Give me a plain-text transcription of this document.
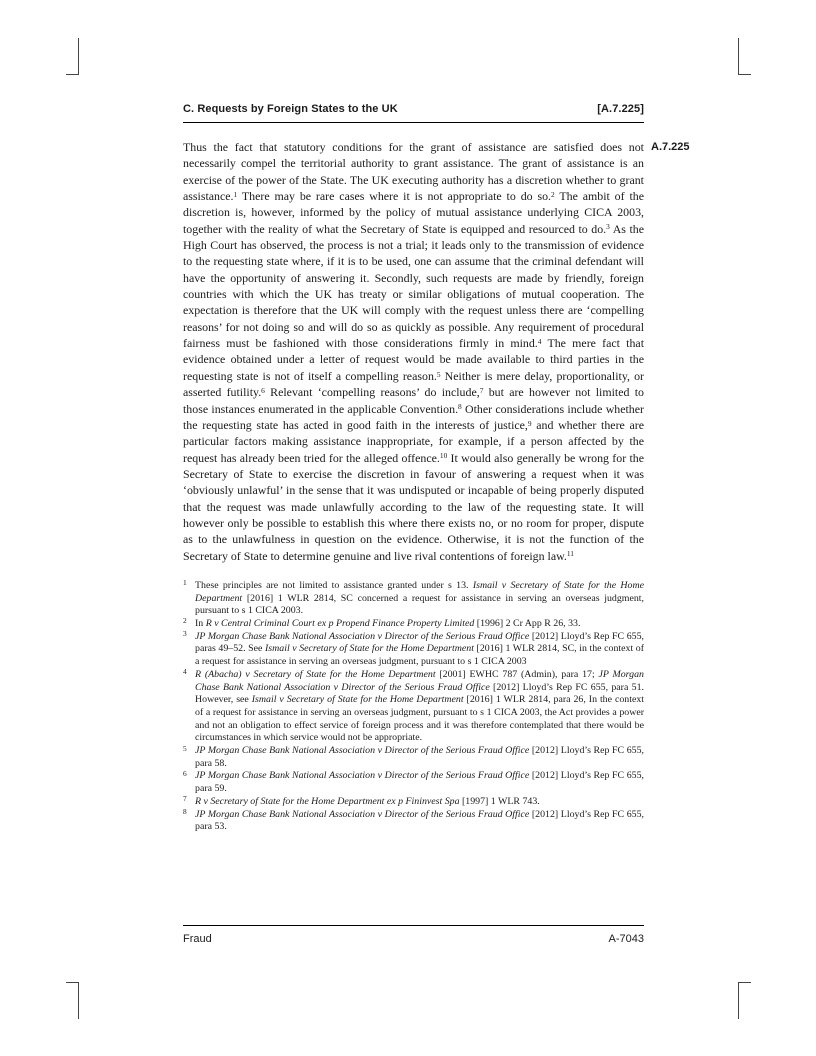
C. Requests by Foreign States to the UK	[A.7.225]
A.7.225

Thus the fact that statutory conditions for the grant of assistance are satisfied does not necessarily compel the territorial authority to grant assistance. The grant of assistance is an exercise of the power of the State. The UK executing authority has a discretion whether to grant assistance.$^1$ There may be rare cases where it is not appropriate to do so.$^2$ The ambit of the discretion is, however, informed by the policy of mutual assistance underlying CICA 2003, together with the reality of what the Secretary of State is equipped and resourced to do.$^3$ As the High Court has observed, the process is not a trial; it leads only to the transmission of evidence to the requesting state where, if it is to be used, one can assume that the criminal defendant will have the opportunity of answering it. Secondly, such requests are made by friendly, foreign countries with which the UK has treaty or similar obligations of mutual cooperation. The expectation is therefore that the UK will comply with the request unless there are ‘compelling reasons’ for not doing so and will do so as quickly as possible. Any requirement of procedural fairness must be fashioned with those considerations firmly in mind.$^4$ The mere fact that evidence obtained under a letter of request would be made available to third parties in the requesting state is not of itself a compelling reason.$^5$ Neither is mere delay, proportionality, or asserted futility.$^6$ Relevant ‘compelling reasons’ do include,$^7$ but are however not limited to those instances enumerated in the applicable Convention.$^8$ Other considerations include whether the requesting state has acted in good faith in the interests of justice,$^9$ and whether there are particular factors making assistance inappropriate, for example, if a person affected by the request has already been tried for the alleged offence.$^{10}$ It would also generally be wrong for the Secretary of State to exercise the discretion in favour of answering a request when it was ‘obviously unlawful’ in the sense that it was undisputed or incapable of being properly disputed that the request was made unlawfully according to the law of the requesting state. It will however only be possible to establish this where there exists no, or no room for proper, dispute as to the unlawfulness in question on the evidence. Otherwise, it is not the function of the Secretary of State to determine genuine and live rival contentions of foreign law.$^{11}$

1 These principles are not limited to assistance granted under s 13. Ismail v Secretary of State for the Home Department [2016] 1 WLR 2814, SC concerned a request for assistance in serving an overseas judgment, pursuant to s 1 CICA 2003.
2 In R v Central Criminal Court ex p Propend Finance Property Limited [1996] 2 Cr App R 26, 33.
3 JP Morgan Chase Bank National Association v Director of the Serious Fraud Office [2012] Lloyd’s Rep FC 655, paras 49–52. See Ismail v Secretary of State for the Home Department [2016] 1 WLR 2814, SC, in the context of a request for assistance in serving an overseas judgment, pursuant to s 1 CICA 2003
4 R (Abacha) v Secretary of State for the Home Department [2001] EWHC 787 (Admin), para 17; JP Morgan Chase Bank National Association v Director of the Serious Fraud Office [2012] Lloyd’s Rep FC 655, para 51. However, see Ismail v Secretary of State for the Home Department [2016] 1 WLR 2814, para 26, In the context of a request for assistance in serving an overseas judgment, pursuant to s 1 CICA 2003, the Act provides a power and not an obligation to effect service of foreign process and it was therefore contemplated that there would be circumstances in which service would not be appropriate.
5 JP Morgan Chase Bank National Association v Director of the Serious Fraud Office [2012] Lloyd’s Rep FC 655, para 58.
6 JP Morgan Chase Bank National Association v Director of the Serious Fraud Office [2012] Lloyd’s Rep FC 655, para 59.
7 R v Secretary of State for the Home Department ex p Fininvest Spa [1997] 1 WLR 743.
8 JP Morgan Chase Bank National Association v Director of the Serious Fraud Office [2012] Lloyd’s Rep FC 655, para 53.
Fraud	A-7043
